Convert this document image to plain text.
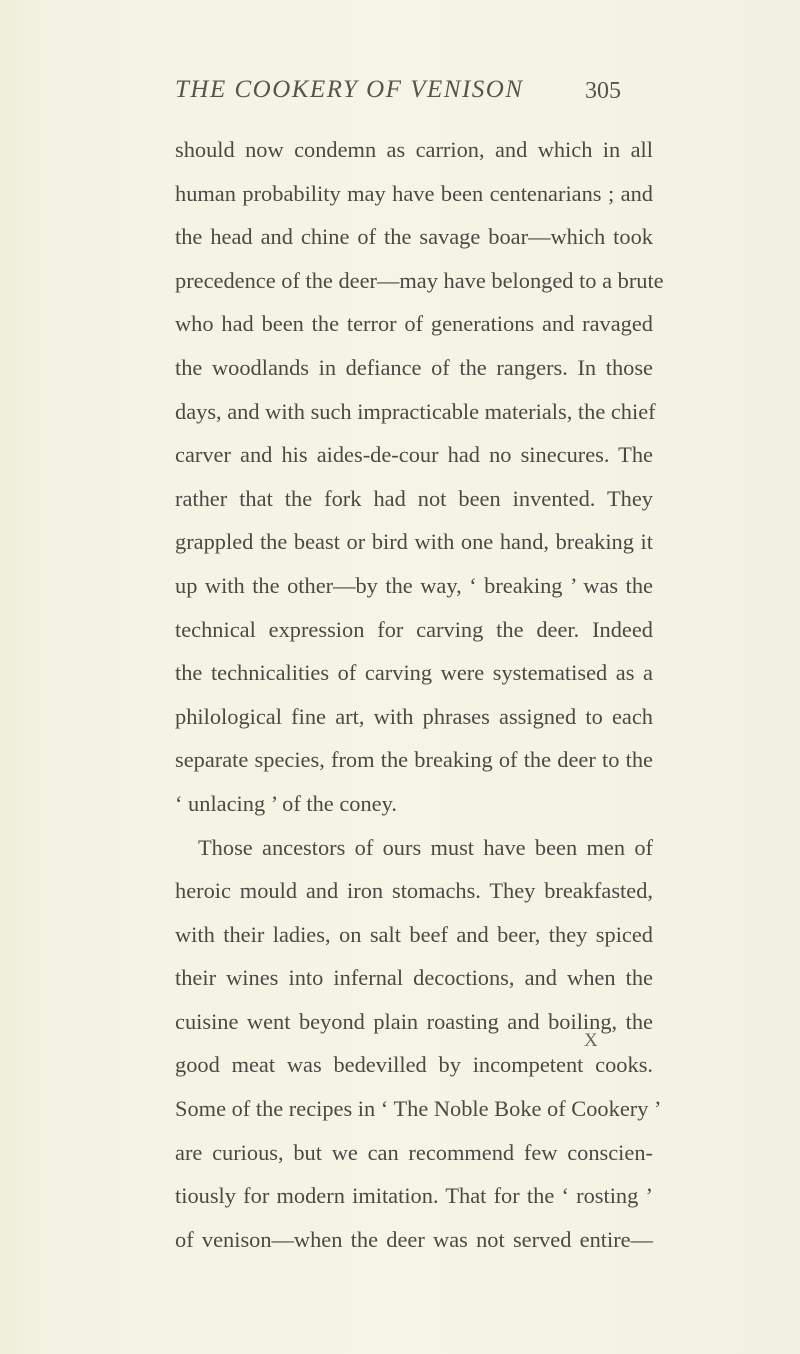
THE COOKERY OF VENISON	305
should now condemn as carrion, and which in all
human probability may have been centenarians ; and
the head and chine of the savage boar—which took
precedence of the deer—may have belonged to a brute
who had been the terror of generations and ravaged
the woodlands in defiance of the rangers. In those
days, and with such impracticable materials, the chief
carver and his aides-de-cour had no sinecures. The
rather that the fork had not been invented. They
grappled the beast or bird with one hand, breaking it
up with the other—by the way, ‘ breaking ’ was the
technical expression for carving the deer. Indeed
the technicalities of carving were systematised as a
philological fine art, with phrases assigned to each
separate species, from the breaking of the deer to the
‘ unlacing ’ of the coney.
Those ancestors of ours must have been men of
heroic mould and iron stomachs. They breakfasted,
with their ladies, on salt beef and beer, they spiced
their wines into infernal decoctions, and when the
cuisine went beyond plain roasting and boiling, the
good meat was bedevilled by incompetent cooks.
Some of the recipes in ‘ The Noble Boke of Cookery ’
are curious, but we can recommend few conscien-
tiously for modern imitation. That for the ‘ rosting ’
of venison—when the deer was not served entire—
X
